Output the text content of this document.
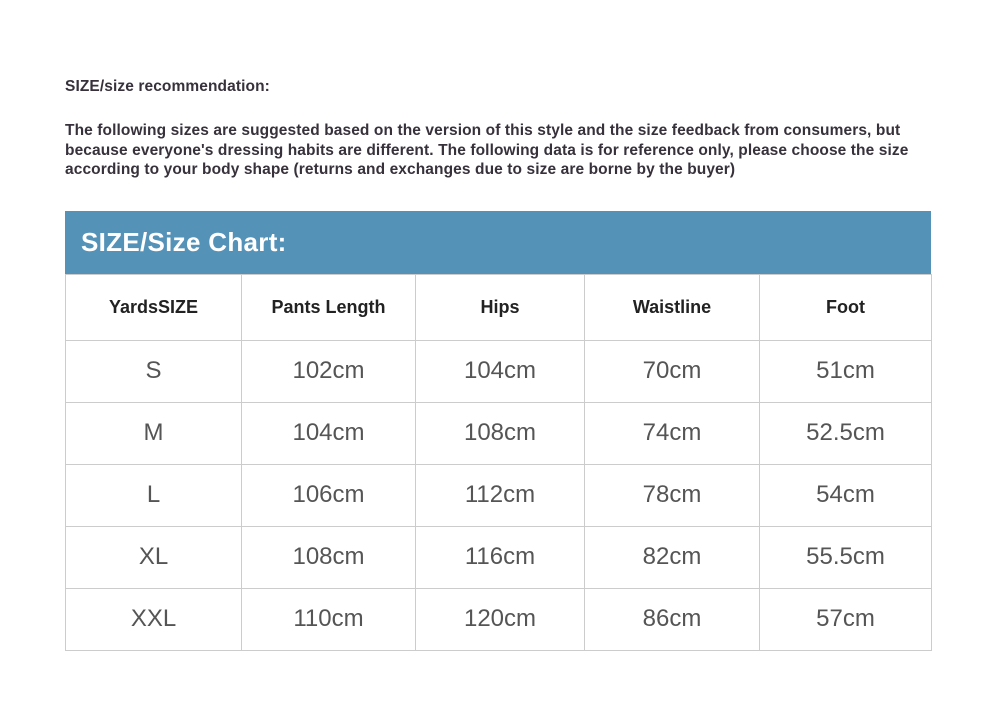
SIZE/size recommendation:

The following sizes are suggested based on the version of this style and the size feedback from consumers, but because everyone's dressing habits are different. The following data is for reference only, please choose the size according to your body shape (returns and exchanges due to size are borne by the buyer)

SIZE/Size Chart:
YardsSIZE	Pants Length	Hips	Waistline	Foot
S	102cm	104cm	70cm	51cm
M	104cm	108cm	74cm	52.5cm
L	106cm	112cm	78cm	54cm
XL	108cm	116cm	82cm	55.5cm
XXL	110cm	120cm	86cm	57cm
